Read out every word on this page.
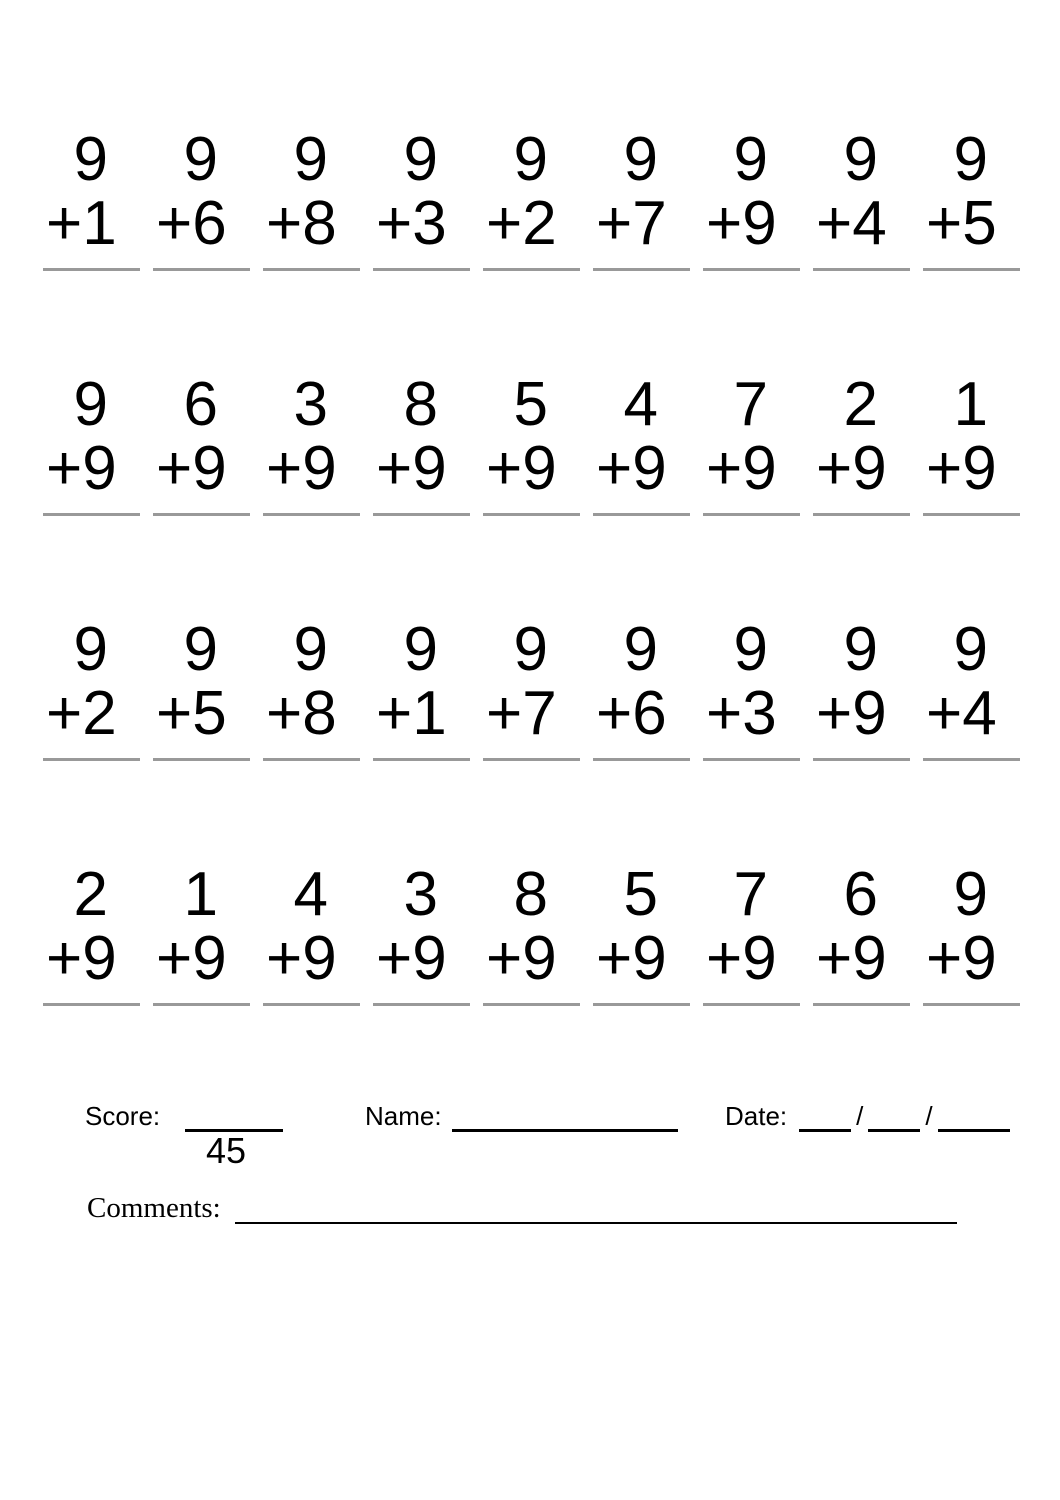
9
+1
9
+6
9
+8
9
+3
9
+2
9
+7
9
+9
9
+4
9
+5
9
+9
6
+9
3
+9
8
+9
5
+9
4
+9
7
+9
2
+9
1
+9
9
+2
9
+5
9
+8
9
+1
9
+7
9
+6
9
+3
9
+9
9
+4
2
+9
1
+9
4
+9
3
+9
8
+9
5
+9
7
+9
6
+9
9
+9
Score:
45
Name:	Date:	/ /
Comments:
